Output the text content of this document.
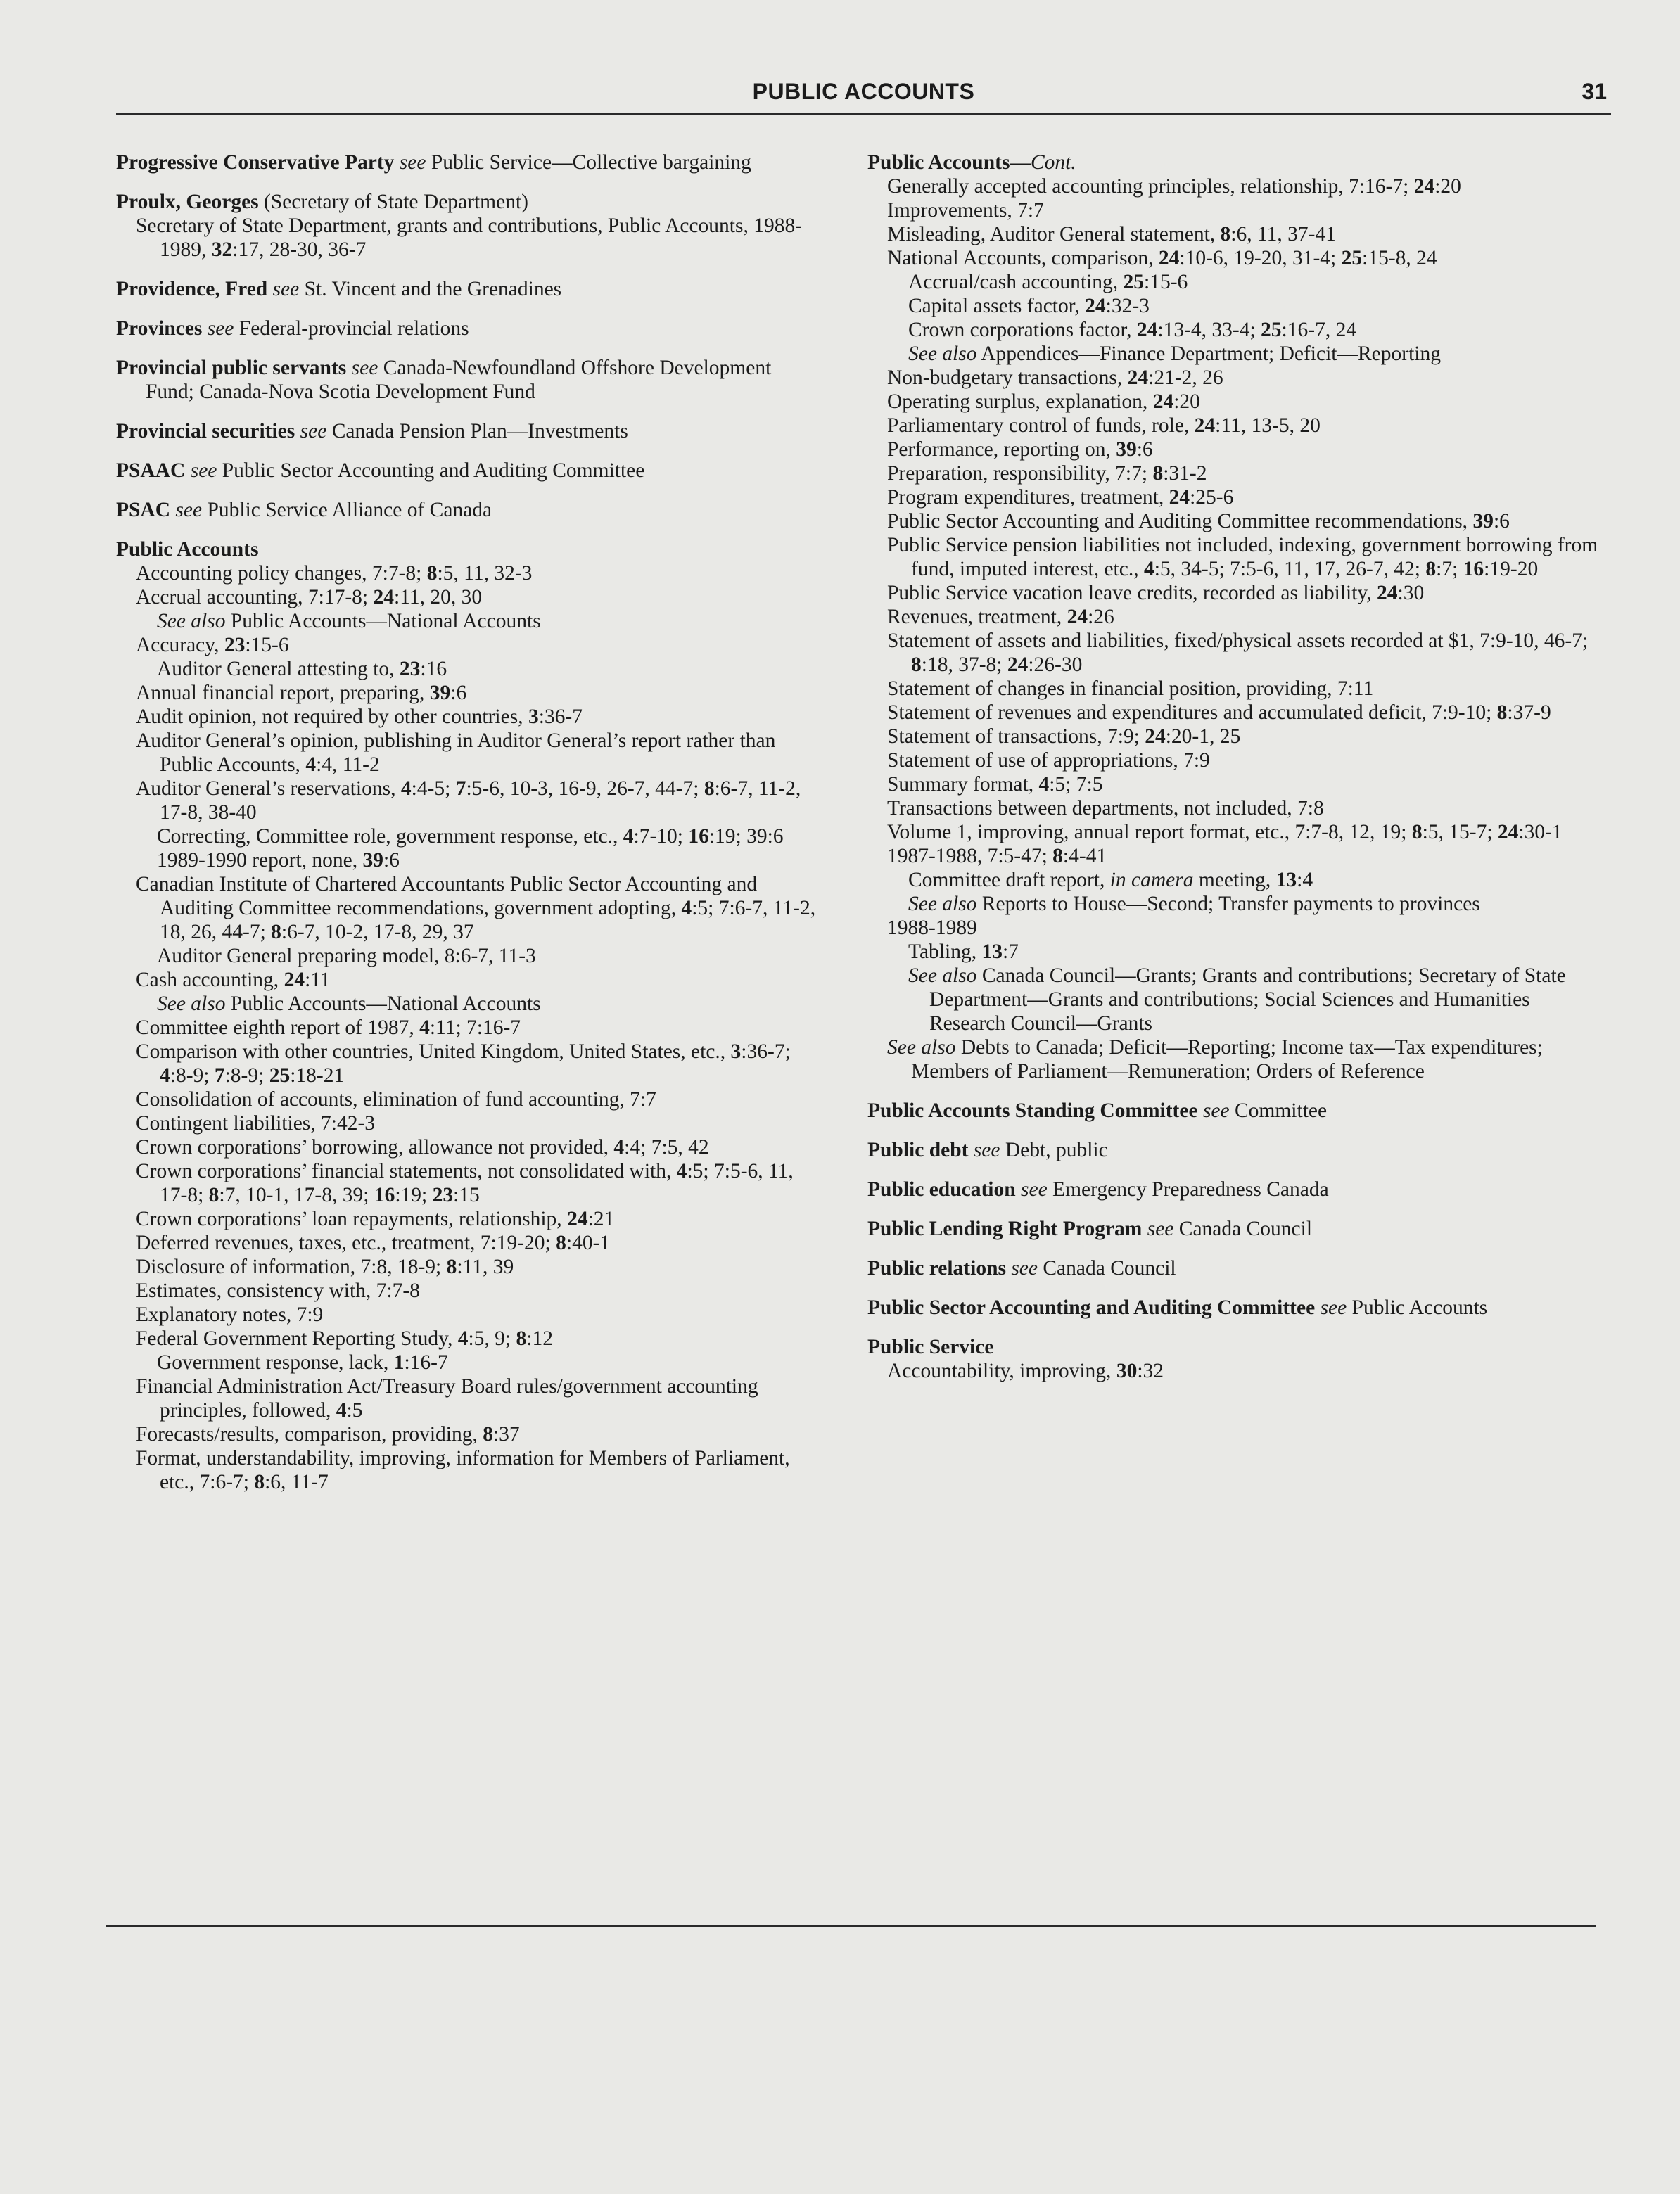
PUBLIC ACCOUNTS	31

Progressive Conservative Party see Public Service—Collective bargaining

Proulx, Georges (Secretary of State Department)

Secretary of State Department, grants and contributions, Public Accounts, 1988-1989, 32:17, 28-30, 36-7

Providence, Fred see St. Vincent and the Grenadines

Provinces see Federal-provincial relations

Provincial public servants see Canada-Newfoundland Offshore Development Fund; Canada-Nova Scotia Development Fund

Provincial securities see Canada Pension Plan—Investments

PSAAC see Public Sector Accounting and Auditing Committee

PSAC see Public Service Alliance of Canada

Public Accounts

Accounting policy changes, 7:7-8; 8:5, 11, 32-3

Accrual accounting, 7:17-8; 24:11, 20, 30

See also Public Accounts—National Accounts

Accuracy, 23:15-6

Auditor General attesting to, 23:16

Annual financial report, preparing, 39:6

Audit opinion, not required by other countries, 3:36-7

Auditor General’s opinion, publishing in Auditor General’s report rather than Public Accounts, 4:4, 11-2

Auditor General’s reservations, 4:4-5; 7:5-6, 10-3, 16-9, 26-7, 44-7; 8:6-7, 11-2, 17-8, 38-40

Correcting, Committee role, government response, etc., 4:7-10; 16:19; 39:6

1989-1990 report, none, 39:6

Canadian Institute of Chartered Accountants Public Sector Accounting and Auditing Committee recommendations, government adopting, 4:5; 7:6-7, 11-2, 18, 26, 44-7; 8:6-7, 10-2, 17-8, 29, 37

Auditor General preparing model, 8:6-7, 11-3

Cash accounting, 24:11

See also Public Accounts—National Accounts

Committee eighth report of 1987, 4:11; 7:16-7

Comparison with other countries, United Kingdom, United States, etc., 3:36-7; 4:8-9; 7:8-9; 25:18-21

Consolidation of accounts, elimination of fund accounting, 7:7

Contingent liabilities, 7:42-3

Crown corporations’ borrowing, allowance not provided, 4:4; 7:5, 42

Crown corporations’ financial statements, not consolidated with, 4:5; 7:5-6, 11, 17-8; 8:7, 10-1, 17-8, 39; 16:19; 23:15

Crown corporations’ loan repayments, relationship, 24:21

Deferred revenues, taxes, etc., treatment, 7:19-20; 8:40-1

Disclosure of information, 7:8, 18-9; 8:11, 39

Estimates, consistency with, 7:7-8

Explanatory notes, 7:9

Federal Government Reporting Study, 4:5, 9; 8:12

Government response, lack, 1:16-7

Financial Administration Act/Treasury Board rules/government accounting principles, followed, 4:5

Forecasts/results, comparison, providing, 8:37

Format, understandability, improving, information for Members of Parliament, etc., 7:6-7; 8:6, 11-7

Public Accounts—Cont.

Generally accepted accounting principles, relationship, 7:16-7; 24:20

Improvements, 7:7

Misleading, Auditor General statement, 8:6, 11, 37-41

National Accounts, comparison, 24:10-6, 19-20, 31-4; 25:15-8, 24

Accrual/cash accounting, 25:15-6

Capital assets factor, 24:32-3

Crown corporations factor, 24:13-4, 33-4; 25:16-7, 24

See also Appendices—Finance Department; Deficit—Reporting

Non-budgetary transactions, 24:21-2, 26

Operating surplus, explanation, 24:20

Parliamentary control of funds, role, 24:11, 13-5, 20

Performance, reporting on, 39:6

Preparation, responsibility, 7:7; 8:31-2

Program expenditures, treatment, 24:25-6

Public Sector Accounting and Auditing Committee recommendations, 39:6

Public Service pension liabilities not included, indexing, government borrowing from fund, imputed interest, etc., 4:5, 34-5; 7:5-6, 11, 17, 26-7, 42; 8:7; 16:19-20

Public Service vacation leave credits, recorded as liability, 24:30

Revenues, treatment, 24:26

Statement of assets and liabilities, fixed/physical assets recorded at $1, 7:9-10, 46-7; 8:18, 37-8; 24:26-30

Statement of changes in financial position, providing, 7:11

Statement of revenues and expenditures and accumulated deficit, 7:9-10; 8:37-9

Statement of transactions, 7:9; 24:20-1, 25

Statement of use of appropriations, 7:9

Summary format, 4:5; 7:5

Transactions between departments, not included, 7:8

Volume 1, improving, annual report format, etc., 7:7-8, 12, 19; 8:5, 15-7; 24:30-1

1987-1988, 7:5-47; 8:4-41

Committee draft report, in camera meeting, 13:4

See also Reports to House—Second; Transfer payments to provinces

1988-1989

Tabling, 13:7

See also Canada Council—Grants; Grants and contributions; Secretary of State Department—Grants and contributions; Social Sciences and Humanities Research Council—Grants

See also Debts to Canada; Deficit—Reporting; Income tax—Tax expenditures; Members of Parliament—Remuneration; Orders of Reference

Public Accounts Standing Committee see Committee

Public debt see Debt, public

Public education see Emergency Preparedness Canada

Public Lending Right Program see Canada Council

Public relations see Canada Council

Public Sector Accounting and Auditing Committee see Public Accounts

Public Service

Accountability, improving, 30:32
